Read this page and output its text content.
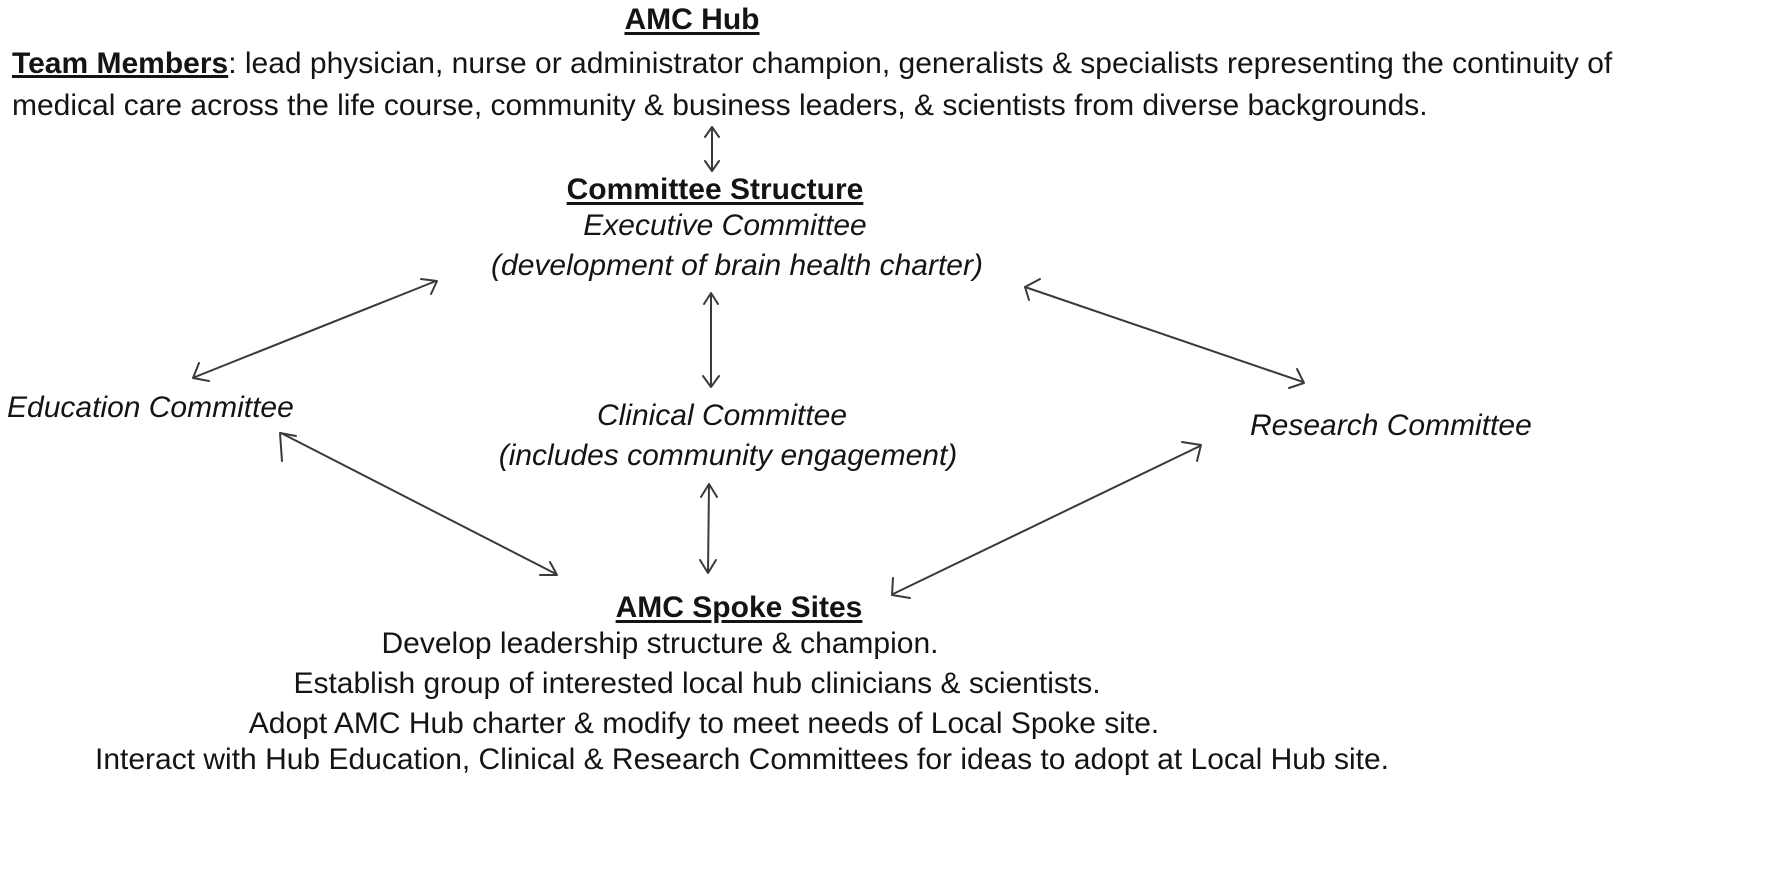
AMC Hub
Team Members: lead physician, nurse or administrator champion, generalists & specialists representing the continuity of
medical care across the life course, community & business leaders, & scientists from diverse backgrounds.
Committee Structure
Executive Committee
(development of brain health charter)
Education Committee	Clinical Committee
(includes community engagement)
Research Committee
AMC Spoke Sites
Develop leadership structure & champion.
Establish group of interested local hub clinicians & scientists.
Adopt AMC Hub charter & modify to meet needs of Local Spoke site.
Interact with Hub Education, Clinical & Research Committees for ideas to adopt at Local Hub site.
